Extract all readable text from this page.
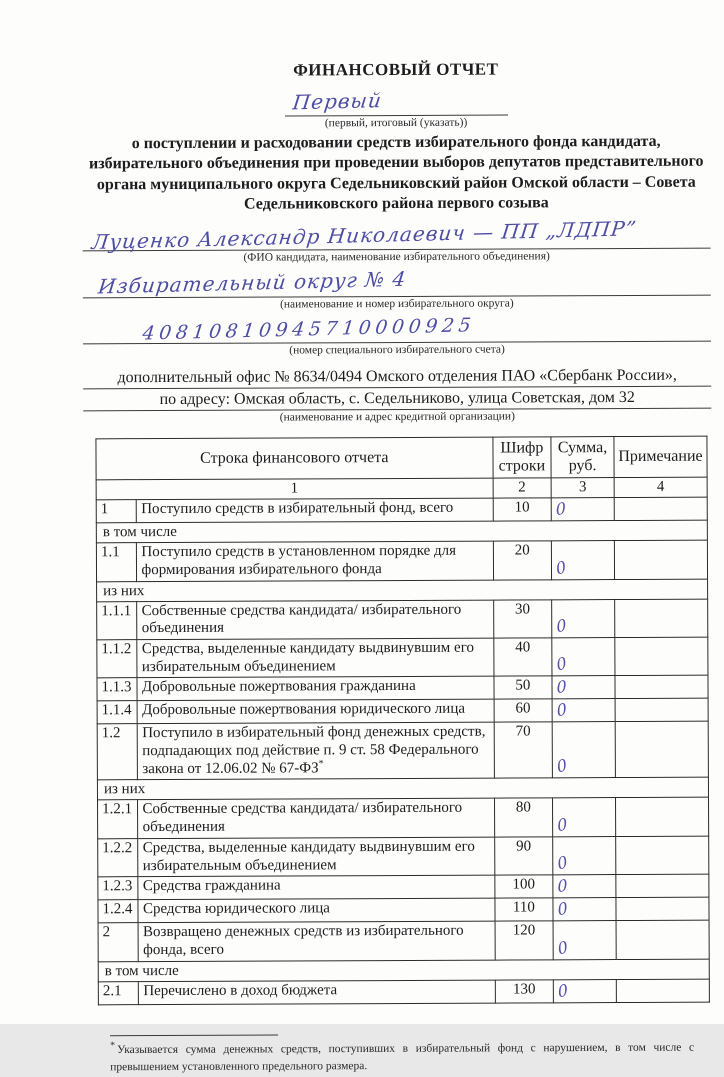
ФИНАНСОВЫЙ ОТЧЕТ
Первый
(первый, итоговый (указать))

о поступлении и расходовании средств избирательного фонда кандидата, избирательного объединения при проведении выборов депутатов представительного органа муниципального округа Седельниковский район Омской области – Совета Седельниковского района первого созыва

Луценко Александр Николаевич — ПП „ЛДПР”
(ФИО кандидата, наименование избирательного объединения)
Избирательный округ № 4
(наименование и номер избирательного округа)
40810810945710000925
(номер специального избирательного счета)
дополнительный офис № 8634/0494 Омского отделения ПАО «Сбербанк России»,
по адресу: Омская область, с. Седельниково, улица Советская, дом 32
(наименование и адрес кредитной организации)
Строка финансового отчета		Шифр строки	Сумма, руб.	Примечание
1		2	3	4
1	Поступило средств в избирательный фонд, всего	10	0	
в том числе				
1.1	Поступило средств в установленном порядке для формирования избирательного фонда	20	0	
из них				
1.1.1	Собственные средства кандидата/ избирательного объединения	30	0	
1.1.2	Средства, выделенные кандидату выдвинувшим его избирательным объединением	40	0	
1.1.3	Добровольные пожертвования гражданина	50	0	
1.1.4	Добровольные пожертвования юридического лица	60	0	
1.2	Поступило в избирательный фонд денежных средств, подпадающих под действие п. 9 ст. 58 Федерального закона от 12.06.02 № 67-ФЗ*	70	0	
из них				
1.2.1	Собственные средства кандидата/ избирательного объединения	80	0	
1.2.2	Средства, выделенные кандидату выдвинувшим его избирательным объединением	90	0	
1.2.3	Средства гражданина	100	0	
1.2.4	Средства юридического лица	110	0	
2	Возвращено денежных средств из избирательного фонда, всего	120	0	
в том числе				
2.1	Перечислено в доход бюджета	130	0	
* Указывается сумма денежных средств, поступивших в избирательный фонд с нарушением, в том числе с превышением установленного предельного размера.
